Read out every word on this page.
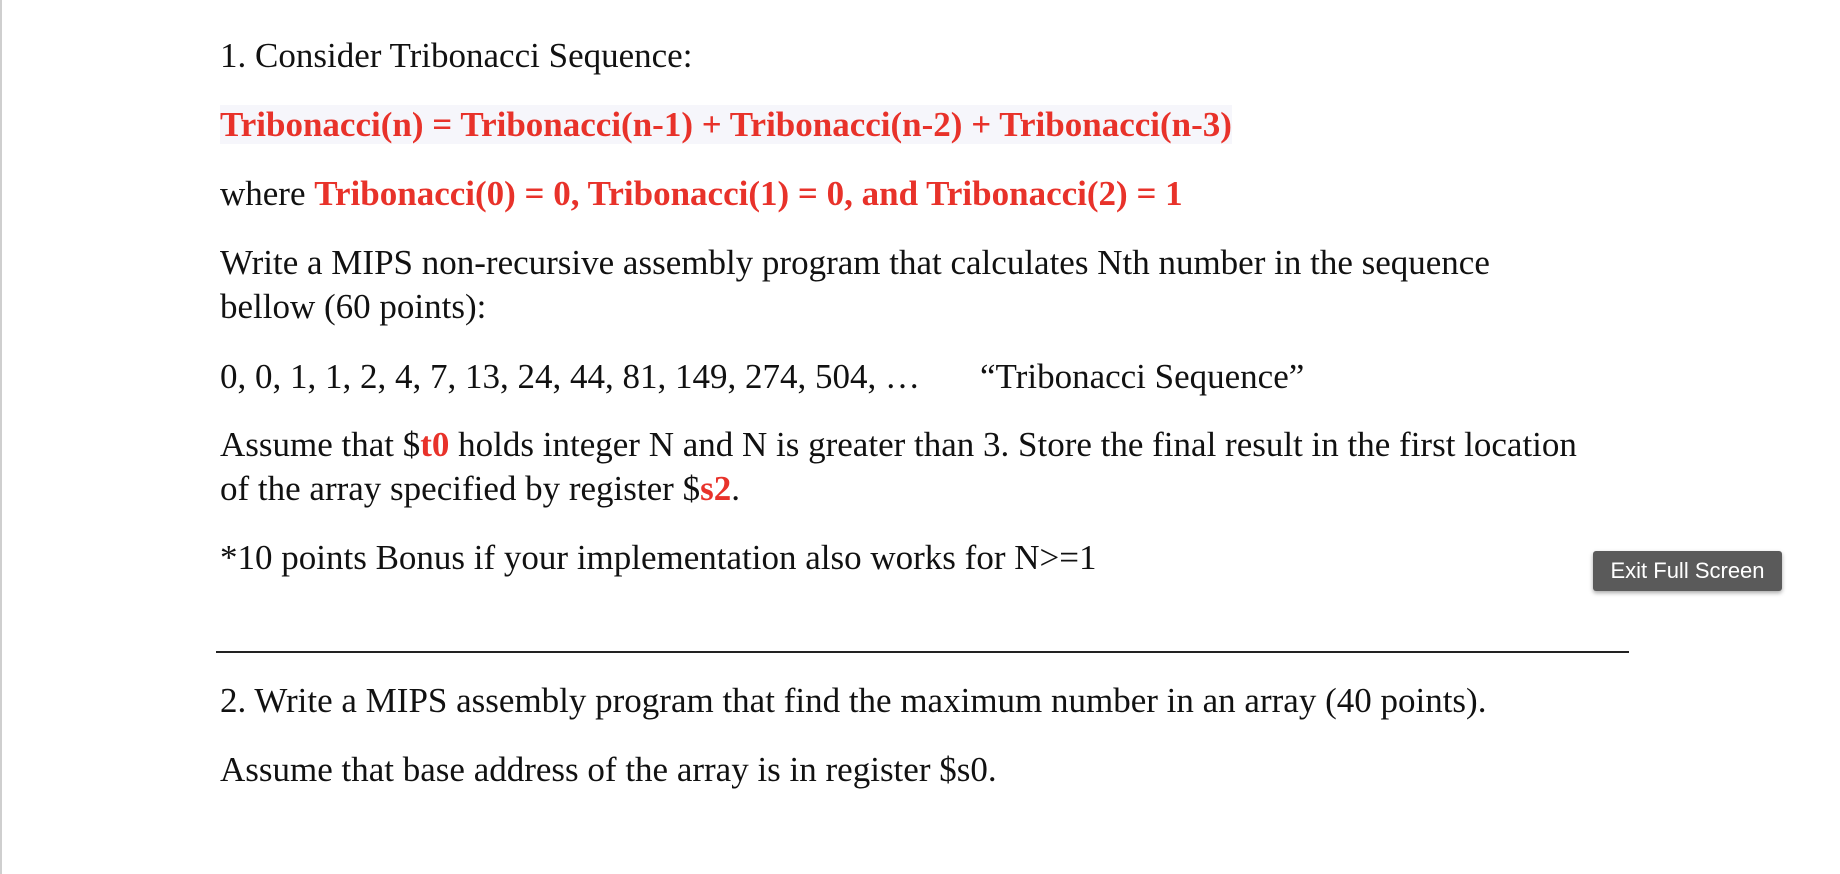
1. Consider Tribonacci Sequence:
Tribonacci(n) = Tribonacci(n-1) + Tribonacci(n-2) + Tribonacci(n-3)
where Tribonacci(0) = 0, Tribonacci(1) = 0, and Tribonacci(2) = 1
Write a MIPS non-recursive assembly program that calculates Nth number in the sequence
bellow (60 points):
0, 0, 1, 1, 2, 4, 7, 13, 24, 44, 81, 149, 274, 504, … “Tribonacci Sequence”
Assume that $t0 holds integer N and N is greater than 3. Store the final result in the first location
of the array specified by register $s2.
*10 points Bonus if your implementation also works for N>=1
2. Write a MIPS assembly program that find the maximum number in an array (40 points).
Assume that base address of the array is in register $s0.
Exit Full Screen
